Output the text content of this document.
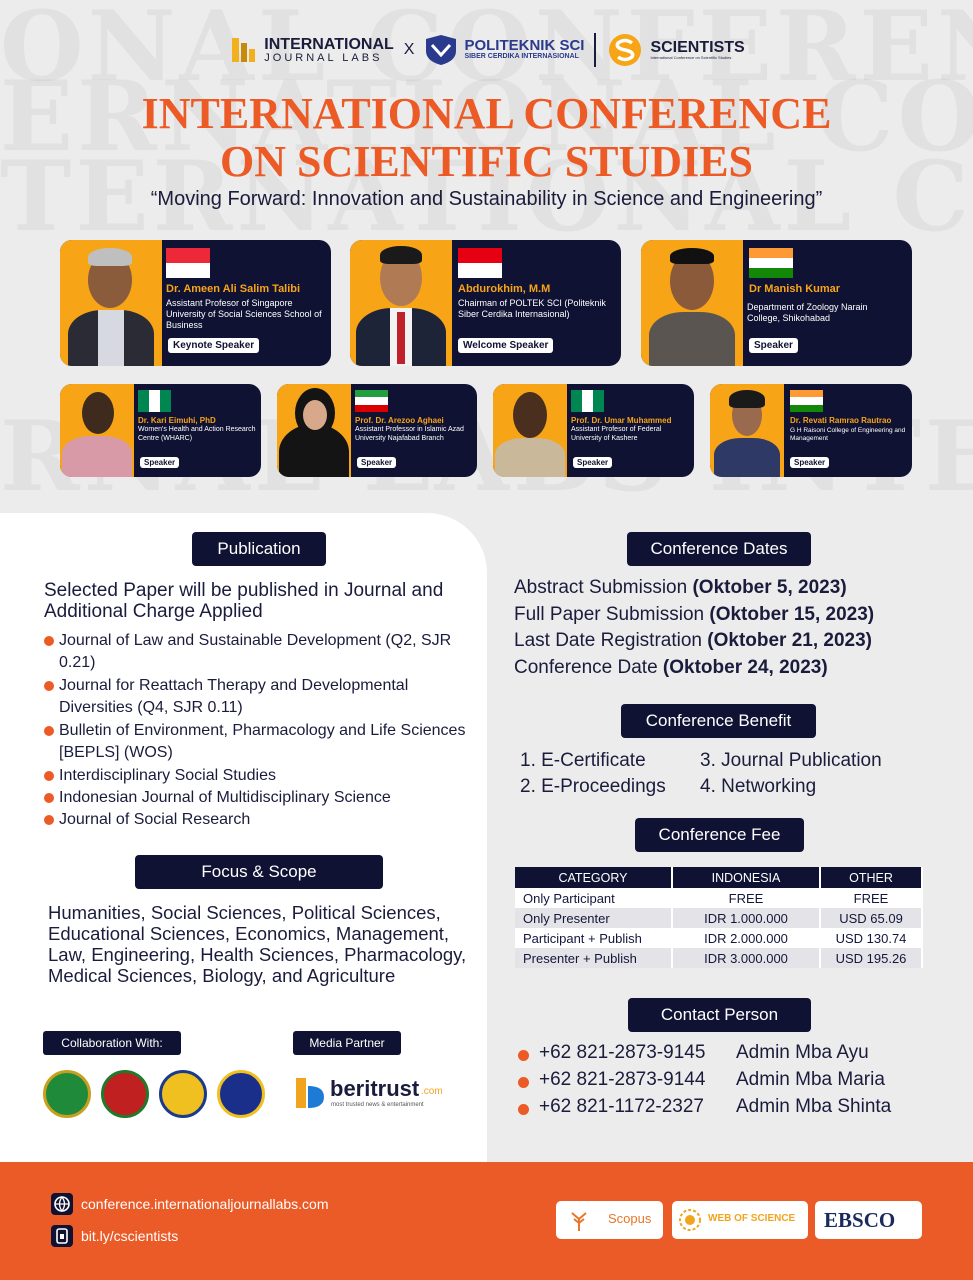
INTERNATIONAL
JOURNAL LABS	X	POLITEKNIK SCI
SIBER CERDIKA INTERNASIONAL
SCIENTISTS
International Conference on Scientific Studies
INTERNATIONAL CONFERENCE
ON SCIENTIFIC STUDIES
“Moving Forward: Innovation and Sustainability in Science and Engineering”
Dr. Ameen Ali Salim Talibi
Assistant Profesor of Singapore University of Social Sciences School of Business
Keynote Speaker
Abdurokhim, M.M
Chairman of POLTEK SCI (Politeknik Siber Cerdika Internasional)
Welcome Speaker
Dr Manish Kumar
Department of Zoology Narain College, Shikohabad
Speaker
Dr. Kari Eimuhi, PhD
Women's Health and Action Research Centre (WHARC)
Speaker
Prof. Dr. Arezoo Aghaei
Assistant Professor in Islamic Azad University Najafabad Branch
Speaker
Prof. Dr. Umar Muhammed
Assistant Profesor of Federal University of Kashere
Speaker
Dr. Revati Ramrao Rautrao
G H Raisoni College of Engineering and Management
Speaker
Publication
Selected Paper will be published in Journal and Additional Charge Applied
Journal of Law and Sustainable Development (Q2, SJR 0.21)
Journal for Reattach Therapy and Developmental Diversities (Q4, SJR 0.11)
Bulletin of Environment, Pharmacology and Life Sciences [BEPLS] (WOS)
Interdisciplinary Social Studies
Indonesian Journal of Multidisciplinary Science
Journal of Social Research
Focus & Scope
Humanities, Social Sciences, Political Sciences, Educational Sciences, Economics, Management, Law, Engineering, Health Sciences, Pharmacology, Medical Sciences, Biology, and Agriculture
Collaboration With:	Media Partner
beritrust .com
most trusted news & entertainment
Conference Dates
Abstract Submission (Oktober 5, 2023)
Full Paper Submission (Oktober 15, 2023)
Last Date Registration (Oktober 21, 2023)
Conference Date (Oktober 24, 2023)
Conference Benefit
1. E-Certificate
2. E-Proceedings
3. Journal Publication
4. Networking
Conference Fee
CATEGORY	INDONESIA	OTHER
Only Participant	FREE	FREE
Only Presenter	IDR 1.000.000	USD 65.09
Participant + Publish	IDR 2.000.000	USD 130.74
Presenter + Publish	IDR 3.000.000	USD 195.26
Contact Person
+62 821-2873-9145 Admin Mba Ayu
+62 821-2873-9144 Admin Mba Maria
+62 821-1172-2327 Admin Mba Shinta
conference.internationaljournallabs.com
bit.ly/cscientists
Scopus	WEB OF SCIENCE EBSCO
